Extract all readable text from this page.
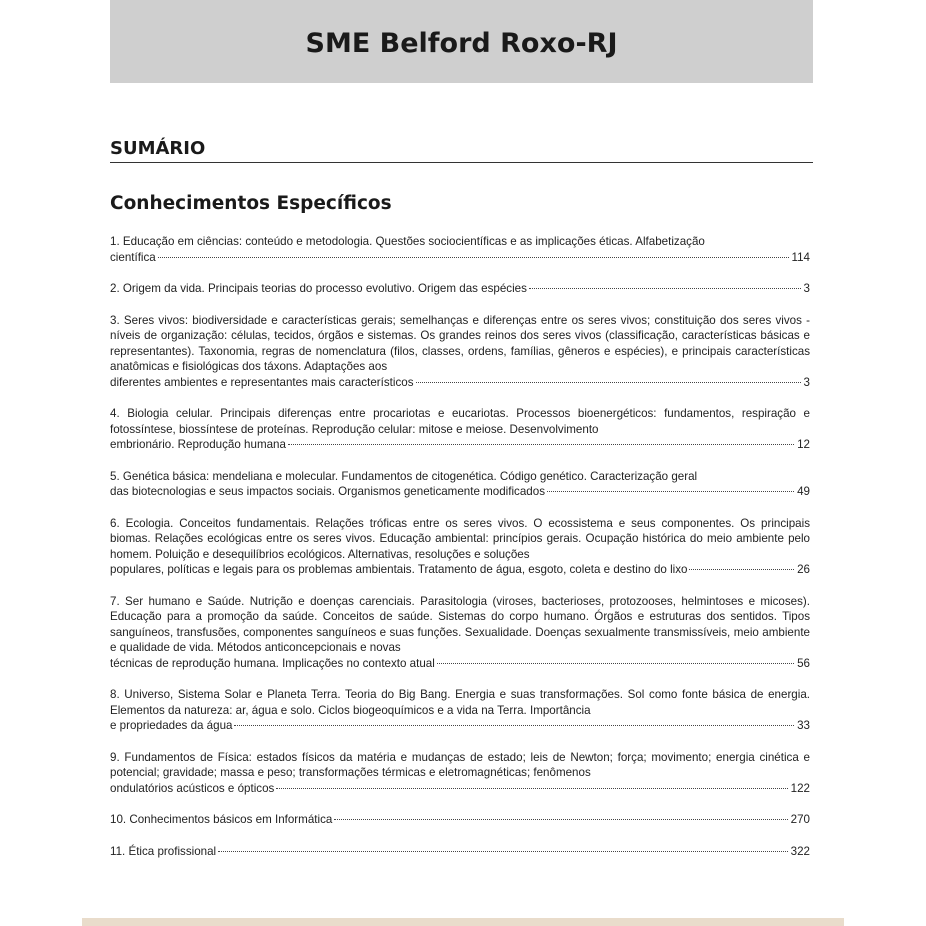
SME Belford Roxo-RJ
SUMÁRIO
Conhecimentos Específicos
1. Educação em ciências: conteúdo e metodologia. Questões sociocientíficas e as implicações éticas. Alfabetização
científica	114
2. Origem da vida. Principais teorias do processo evolutivo. Origem das espécies	3
3. Seres vivos: biodiversidade e características gerais; semelhanças e diferenças entre os seres vivos; constituição dos seres vivos - níveis de organização: células, tecidos, órgãos e sistemas. Os grandes reinos dos seres vivos (classificação, características básicas e representantes). Taxonomia, regras de nomenclatura (filos, classes, ordens, famílias, gêneros e espécies), e principais características anatômicas e fisiológicas dos táxons. Adaptações aos
diferentes ambientes e representantes mais característicos	3
4. Biologia celular. Principais diferenças entre procariotas e eucariotas. Processos bioenergéticos: fundamentos, respiração e fotossíntese, biossíntese de proteínas. Reprodução celular: mitose e meiose. Desenvolvimento
embrionário. Reprodução humana	12
5. Genética básica: mendeliana e molecular. Fundamentos de citogenética. Código genético. Caracterização geral
das biotecnologias e seus impactos sociais. Organismos geneticamente modificados	49
6. Ecologia. Conceitos fundamentais. Relações tróficas entre os seres vivos. O ecossistema e seus componentes. Os principais biomas. Relações ecológicas entre os seres vivos. Educação ambiental: princípios gerais. Ocupação histórica do meio ambiente pelo homem. Poluição e desequilíbrios ecológicos. Alternativas, resoluções e soluções
populares, políticas e legais para os problemas ambientais. Tratamento de água, esgoto, coleta e destino do lixo	26
7. Ser humano e Saúde. Nutrição e doenças carenciais. Parasitologia (viroses, bacterioses, protozooses, helmintoses e micoses). Educação para a promoção da saúde. Conceitos de saúde. Sistemas do corpo humano. Órgãos e estruturas dos sentidos. Tipos sanguíneos, transfusões, componentes sanguíneos e suas funções. Sexualidade. Doenças sexualmente transmissíveis, meio ambiente e qualidade de vida. Métodos anticoncepcionais e novas
técnicas de reprodução humana. Implicações no contexto atual	56
8. Universo, Sistema Solar e Planeta Terra. Teoria do Big Bang. Energia e suas transformações. Sol como fonte básica de energia. Elementos da natureza: ar, água e solo. Ciclos biogeoquímicos e a vida na Terra. Importância
e propriedades da água	33
9. Fundamentos de Física: estados físicos da matéria e mudanças de estado; leis de Newton; força; movimento; energia cinética e potencial; gravidade; massa e peso; transformações térmicas e eletromagnéticas; fenômenos
ondulatórios acústicos e ópticos	122
10. Conhecimentos básicos em Informática	270
11. Ética profissional	322
